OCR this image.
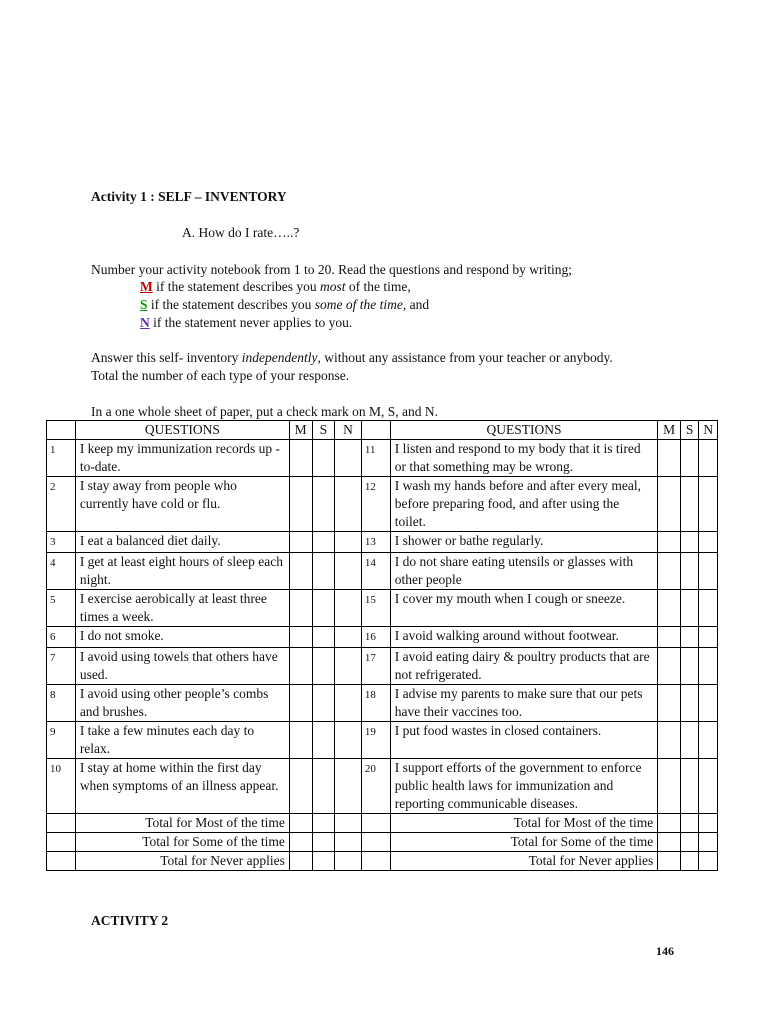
Activity 1 : SELF – INVENTORY
A. How do I rate…..?
Number your activity notebook from 1 to 20. Read the questions and respond by writing;
M if the statement describes you most of the time,
S if the statement describes you some of the time, and
N if the statement never applies to you.
Answer this self- inventory independently, without any assistance from your teacher or anybody.
Total the number of each type of your response.
In a one whole sheet of paper, put a check mark on M, S, and N.
	QUESTIONS	M	S	N		QUESTIONS	M	S	N
1	I keep my immunization records up -to-date.				11	I listen and respond to my body that it is tired or that something may be wrong.			
2	I stay away from people who currently have cold or flu.				12	I wash my hands before and after every meal, before preparing food, and after using the toilet.			
3	I eat a balanced diet daily.				13	I shower or bathe regularly.			
4	I get at least eight hours of sleep each night.				14	I do not share eating utensils or glasses with other people			
5	I exercise aerobically at least three times a week.				15	I cover my mouth when I cough or sneeze.			
6	I do not smoke.				16	I avoid walking around without footwear.			
7	I avoid using towels that others have used.				17	I avoid eating dairy & poultry products that are not refrigerated.			
8	I avoid using other people’s combs and brushes.				18	I advise my parents to make sure that our pets have their vaccines too.			
9	I take a few minutes each day to relax.				19	I put food wastes in closed containers.			
10	I stay at home within the first day when symptoms of an illness appear.				20	I support efforts of the government to enforce public health laws for immunization and reporting communicable diseases.			
	Total for Most of the time					Total for Most of the time			
	Total for Some of the time					Total for Some of the time			
	Total for Never applies					Total for Never applies			
ACTIVITY 2
146
